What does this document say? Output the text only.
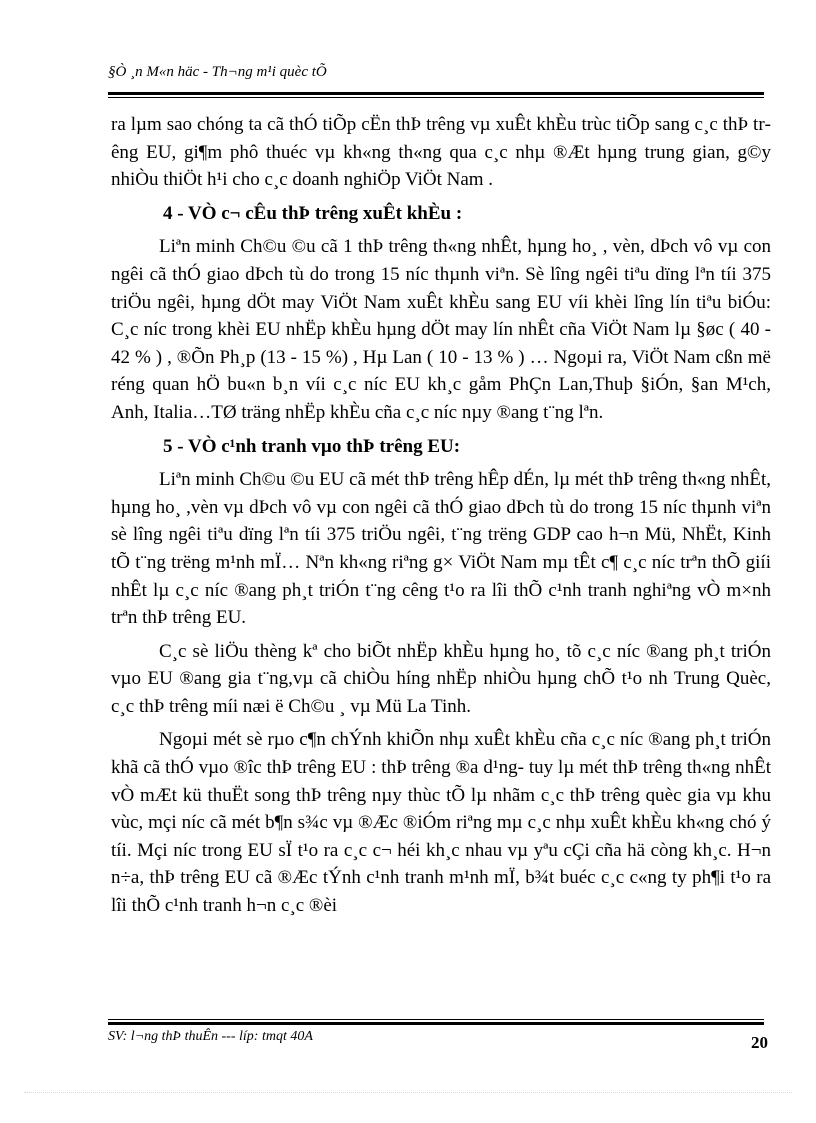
§Ò ¸n M«n häc - Th¬ng m¹i quèc tÕ

ra lµm sao chóng ta cã thÓ tiÕp cËn thÞ trêng vµ xuÊt khÈu trùc tiÕp sang c¸c thÞ trêng EU, gi¶m phô thuéc vµ kh«ng th«ng qua c¸c nhµ ®Æt hµng trung gian, g©y nhiÒu thiÖt h¹i cho c¸c doanh nghiÖp ViÖt Nam .

4 - VÒ c¬ cÊu thÞ trêng xuÊt khÈu :

Liªn minh Ch©u ©u cã 1 thÞ trêng th«ng nhÊt, hµng ho¸ , vèn, dÞch vô vµ con ngêi cã thÓ giao dÞch tù do trong 15 níc thµnh viªn. Sè lîng ngêi tiªu dïng lªn tíi 375 triÖu ngêi, hµng dÖt may ViÖt Nam xuÊt khÈu sang EU víi khèi lîng lín tiªu biÓu: C¸c níc trong khèi EU nhËp khÈu hµng dÖt may lín nhÊt cña ViÖt Nam lµ §øc ( 40 - 42 % ) , ®Õn Ph¸p (13 - 15 %) , Hµ Lan ( 10 - 13 % ) … Ngoµi ra, ViÖt Nam cßn më réng quan hÖ bu«n b¸n víi c¸c níc EU kh¸c gåm PhÇn Lan,Thuþ §iÓn, §an M¹ch, Anh, Italia…TØ träng nhËp khÈu cña c¸c níc nµy ®ang t¨ng lªn.

5 - VÒ c¹nh tranh vµo thÞ trêng EU:

Liªn minh Ch©u ©u EU cã mét thÞ trêng hÊp dÉn, lµ mét thÞ trêng th«ng nhÊt, hµng ho¸ ,vèn vµ dÞch vô vµ con ngêi cã thÓ giao dÞch tù do trong 15 níc thµnh viªn sè lîng ngêi tiªu dïng lªn tíi 375 triÖu ngêi, t¨ng trëng GDP cao h¬n Mü, NhËt, Kinh tÕ t¨ng trëng m¹nh mÏ… Nªn kh«ng riªng g× ViÖt Nam mµ tÊt c¶ c¸c níc trªn thÕ giíi nhÊt lµ c¸c níc ®ang ph¸t triÓn t¨ng cêng t¹o ra lîi thÕ c¹nh tranh nghiªng vÒ m×nh trªn thÞ trêng EU.

C¸c sè liÖu thèng kª cho biÕt nhËp khÈu hµng ho¸ tõ c¸c níc ®ang ph¸t triÓn vµo EU ®ang gia t¨ng,vµ cã chiÒu híng nhËp nhiÒu hµng chÕ t¹o nh Trung Quèc, c¸c thÞ trêng míi næi ë Ch©u ¸ vµ Mü La Tinh.

Ngoµi mét sè rµo c¶n chÝnh khiÕn nhµ xuÊt khÈu cña c¸c níc ®ang ph¸t triÓn khã cã thÓ vµo ®îc thÞ trêng EU : thÞ trêng ®a d¹ng- tuy lµ mét thÞ trêng th«ng nhÊt vÒ mÆt kü thuËt song thÞ trêng nµy thùc tÕ lµ nhãm c¸c thÞ trêng quèc gia vµ khu vùc, mçi níc cã mét b¶n s¾c vµ ®Æc ®iÓm riªng mµ c¸c nhµ xuÊt khÈu kh«ng chó ý tíi. Mçi níc trong EU sÏ t¹o ra c¸c c¬ héi kh¸c nhau vµ yªu cÇi cña hä còng kh¸c. H¬n n÷a, thÞ trêng EU cã ®Æc tÝnh c¹nh tranh m¹nh mÏ, b¾t buéc c¸c c«ng ty ph¶i t¹o ra lîi thÕ c¹nh tranh h¬n c¸c ®èi

SV: l¬ng thÞ thuÊn --- líp: tmqt 40A	20
